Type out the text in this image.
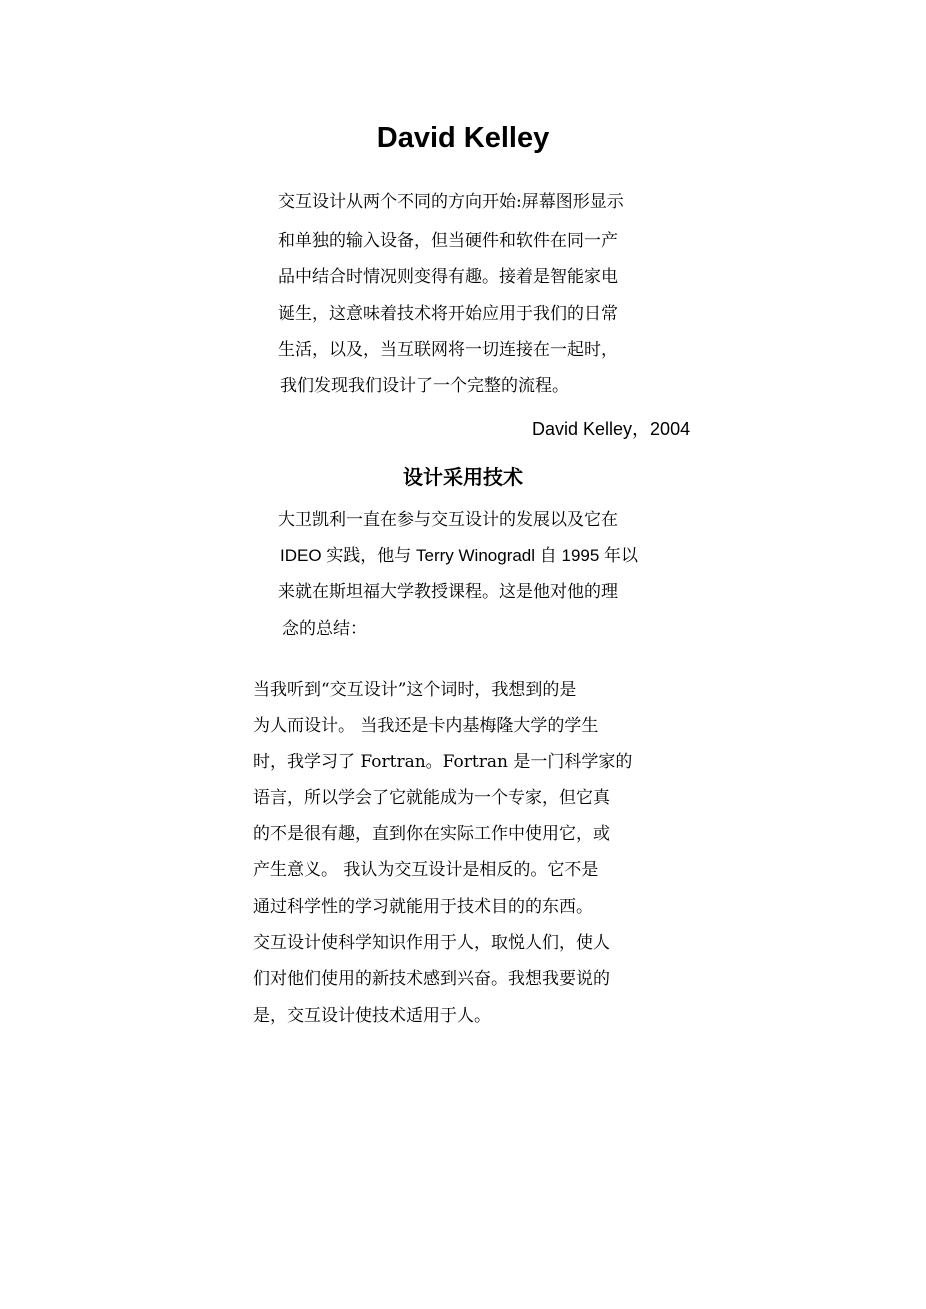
David Kelley
交互设计从两个不同的方向开始:屏幕图形显示
和单独的输入设备，但当硬件和软件在同一产
品中结合时情况则变得有趣。接着是智能家电
诞生，这意味着技术将开始应用于我们的日常
生活，以及，当互联网将一切连接在一起时，
我们发现我们设计了一个完整的流程。
David Kelley，2004
设计采用技术
大卫凯利一直在参与交互设计的发展以及它在
IDEO 实践，他与 Terry Winogradl 自 1995 年以
来就在斯坦福大学教授课程。这是他对他的理
念的总结：
当我听到“交互设计”这个词时，我想到的是
为人而设计。 当我还是卡内基梅隆大学的学生
时，我学习了 Fortran。Fortran 是一门科学家的
语言，所以学会了它就能成为一个专家，但它真
的不是很有趣，直到你在实际工作中使用它，或
产生意义。 我认为交互设计是相反的。它不是
通过科学性的学习就能用于技术目的的东西。
交互设计使科学知识作用于人，取悦人们，使人
们对他们使用的新技术感到兴奋。我想我要说的
是，交互设计使技术适用于人。
